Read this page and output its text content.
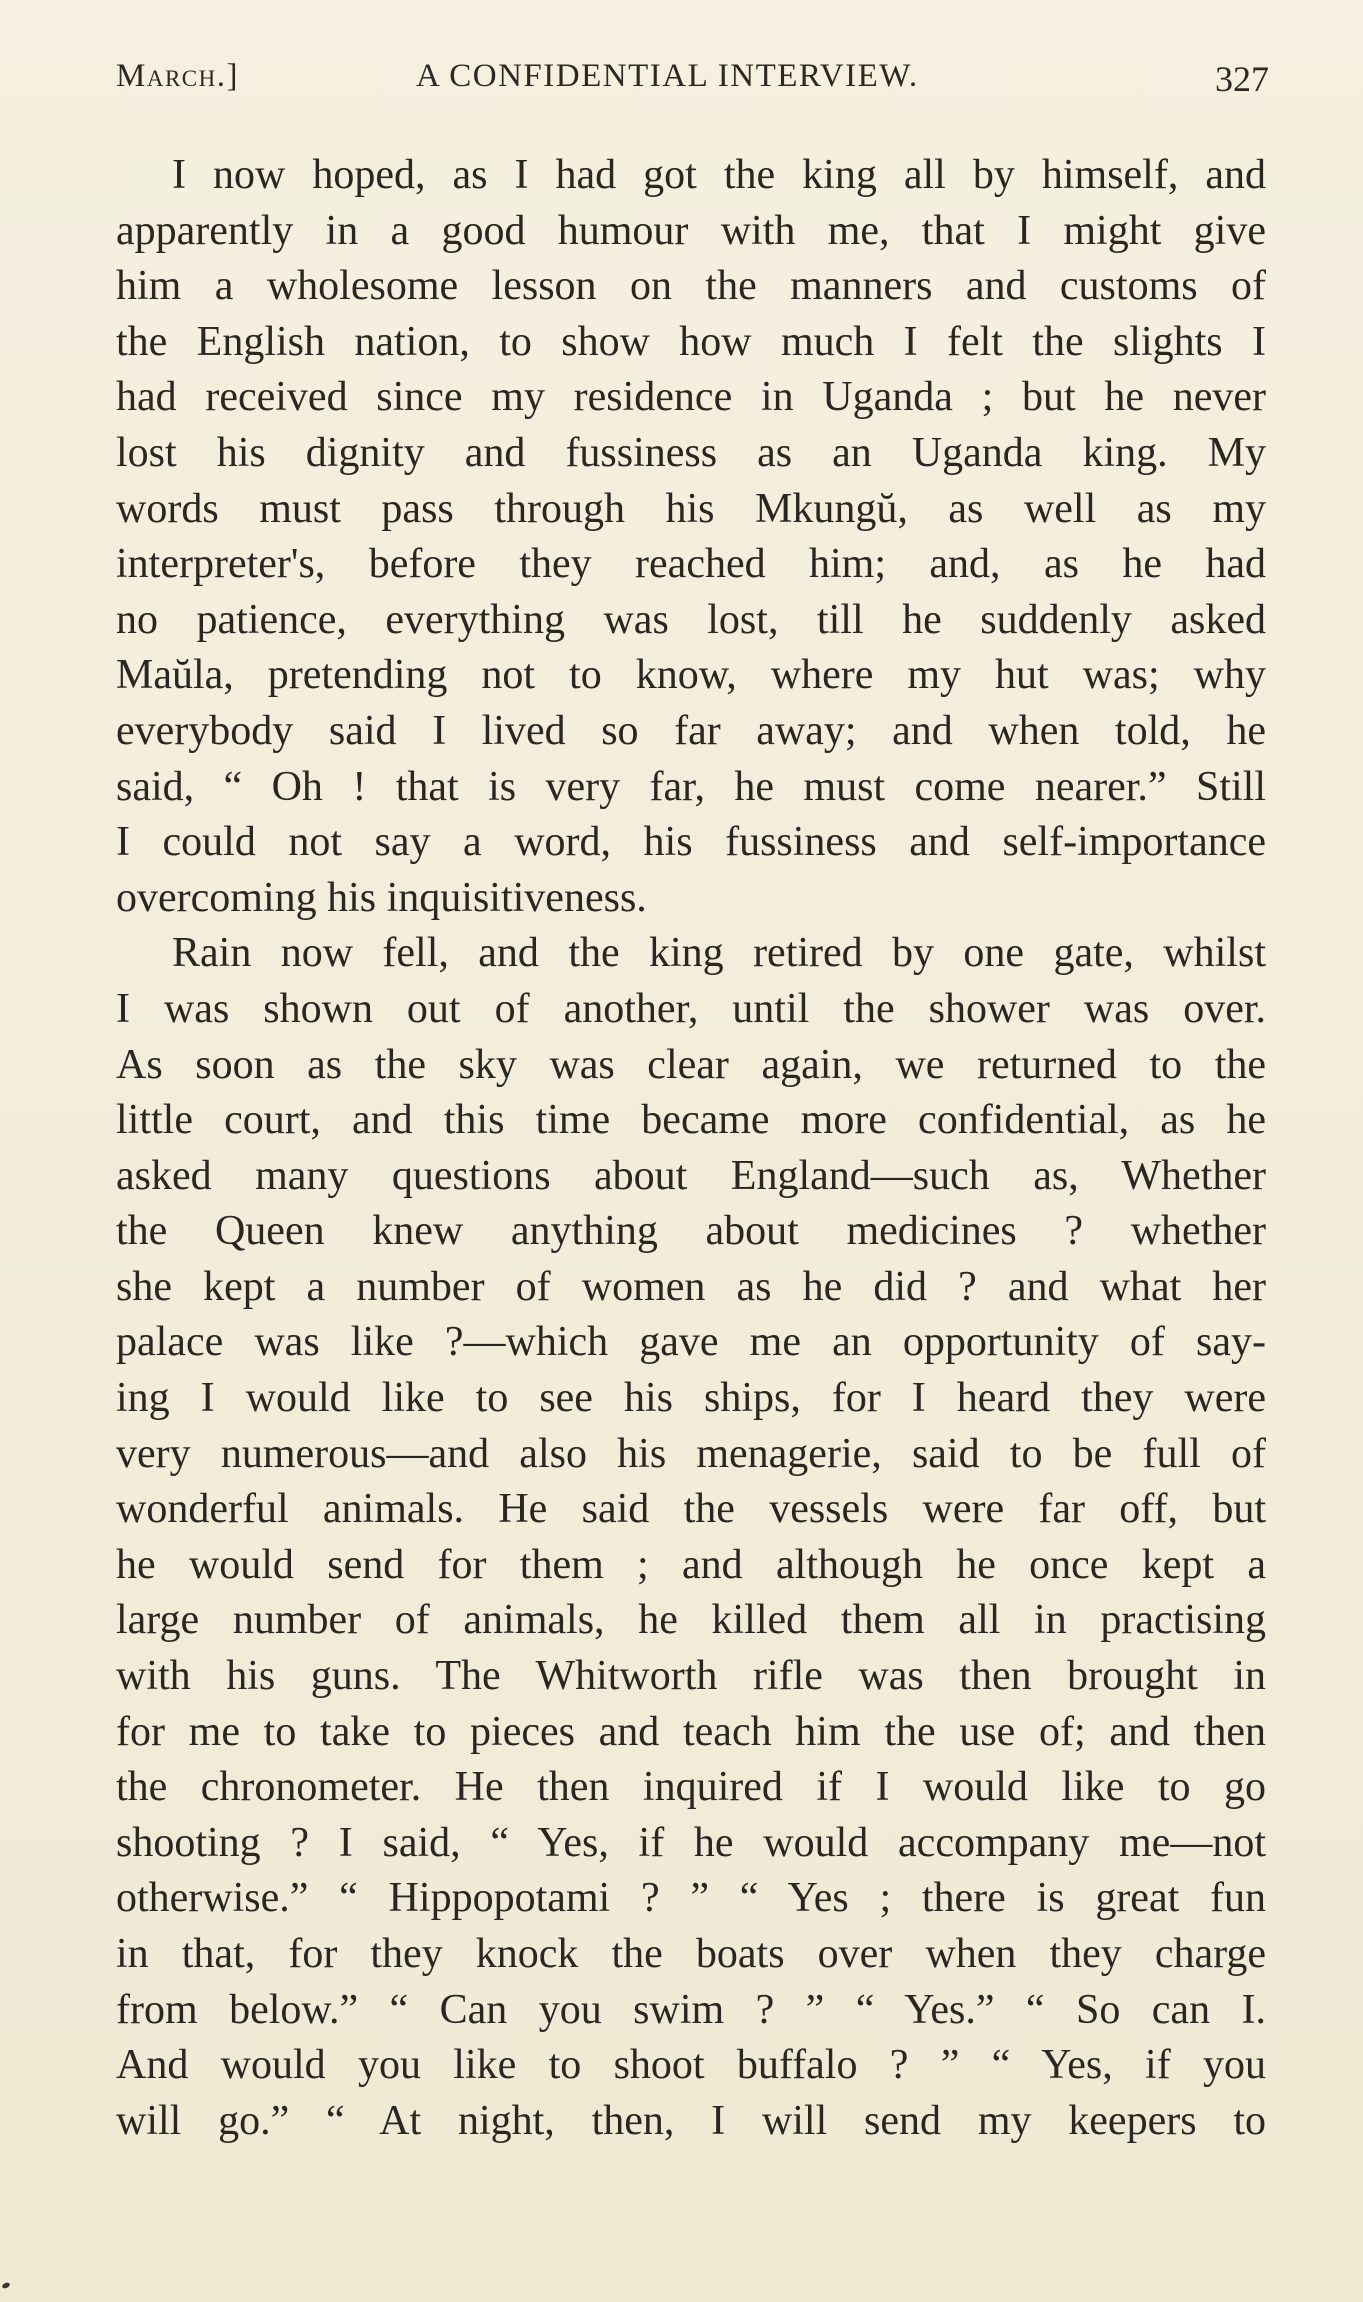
March.]	A CONFIDENTIAL INTERVIEW.	327
I now hoped, as I had got the king all by himself, and
apparently in a good humour with me, that I might give
him a wholesome lesson on the manners and customs of
the English nation, to show how much I felt the slights I
had received since my residence in Uganda ; but he never
lost his dignity and fussiness as an Uganda king. My
words must pass through his Mkungŭ, as well as my
interpreter's, before they reached him; and, as he had
no patience, everything was lost, till he suddenly asked
Maŭla, pretending not to know, where my hut was; why
everybody said I lived so far away; and when told, he
said, “ Oh ! that is very far, he must come nearer.” Still
I could not say a word, his fussiness and self-importance
overcoming his inquisitiveness.
Rain now fell, and the king retired by one gate, whilst
I was shown out of another, until the shower was over.
As soon as the sky was clear again, we returned to the
little court, and this time became more confidential, as he
asked many questions about England—such as, Whether
the Queen knew anything about medicines ? whether
she kept a number of women as he did ? and what her
palace was like ?—which gave me an opportunity of say-
ing I would like to see his ships, for I heard they were
very numerous—and also his menagerie, said to be full of
wonderful animals. He said the vessels were far off, but
he would send for them ; and although he once kept a
large number of animals, he killed them all in practising
with his guns. The Whitworth rifle was then brought in
for me to take to pieces and teach him the use of; and then
the chronometer. He then inquired if I would like to go
shooting ? I said, “ Yes, if he would accompany me—not
otherwise.” “ Hippopotami ? ” “ Yes ; there is great fun
in that, for they knock the boats over when they charge
from below.” “ Can you swim ? ” “ Yes.” “ So can I.
And would you like to shoot buffalo ? ” “ Yes, if you
will go.” “ At night, then, I will send my keepers to
